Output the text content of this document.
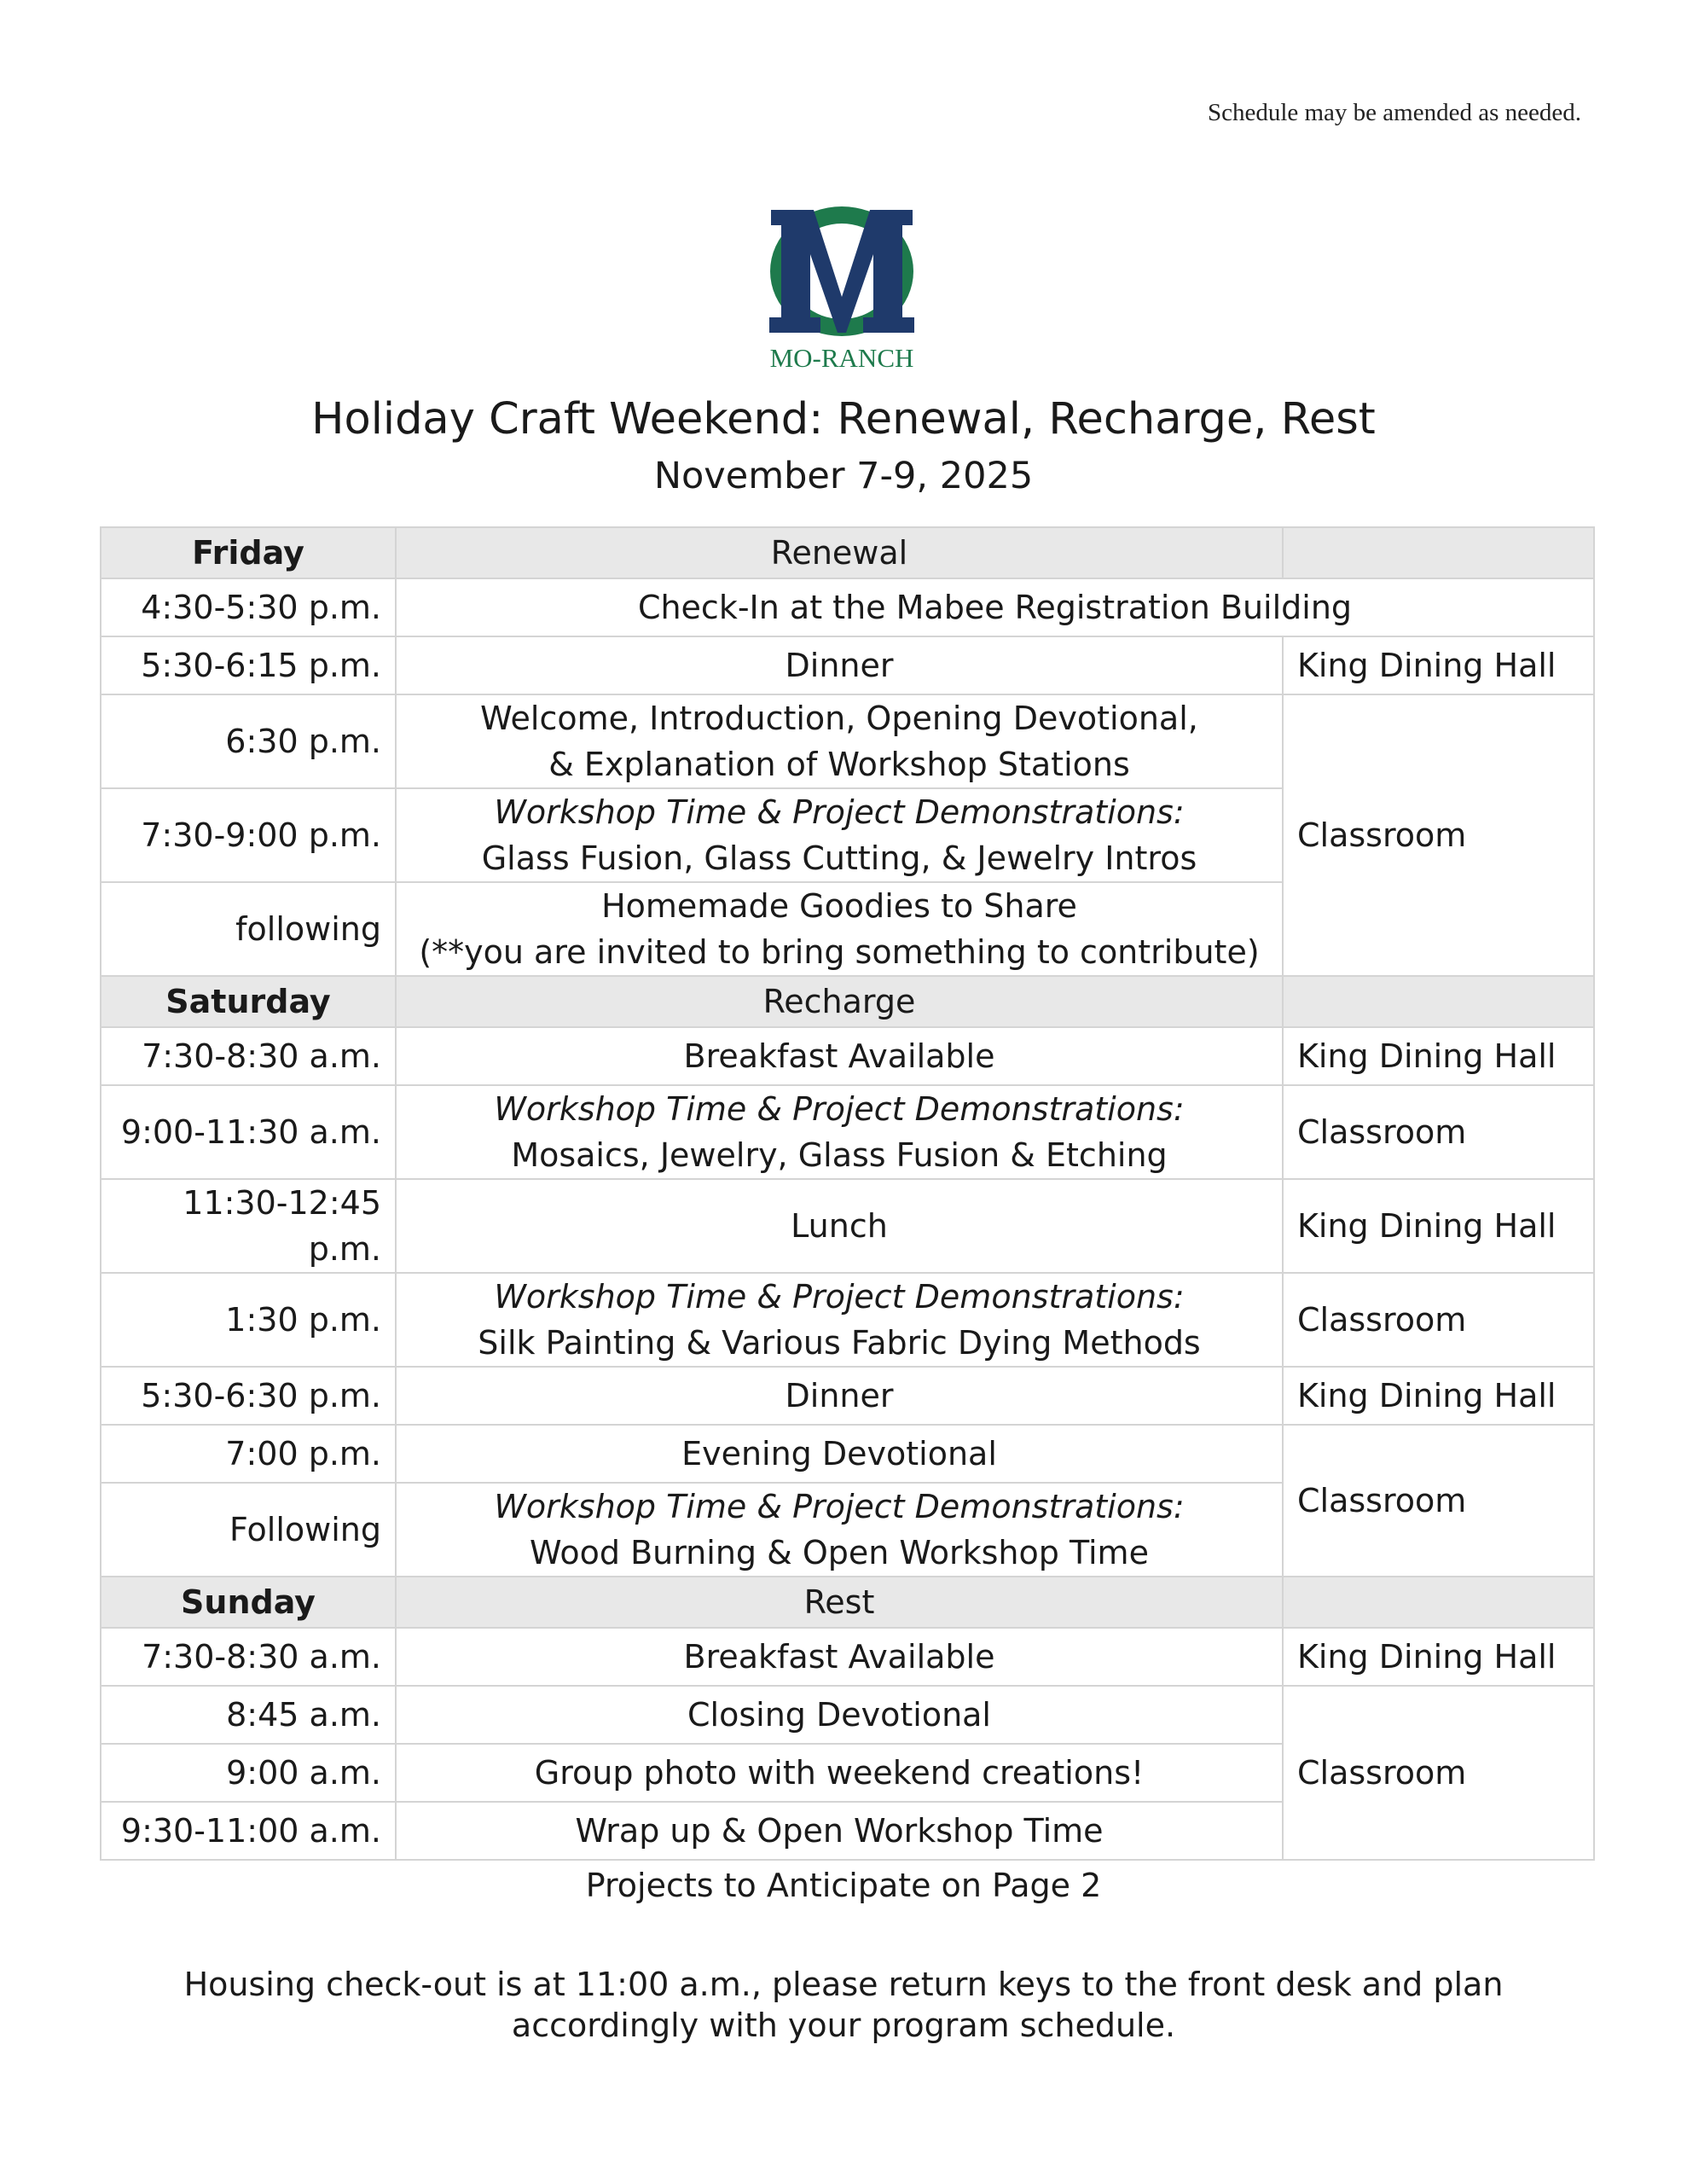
Schedule may be amended as needed.
MO-RANCH
Holiday Craft Weekend: Renewal, Recharge, Rest
November 7-9, 2025
Friday	Renewal	
4:30-5:30 p.m.	Check-In at the Mabee Registration Building	
5:30-6:15 p.m.	Dinner	King Dining Hall
6:30 p.m.	Welcome, Introduction, Opening Devotional,
& Explanation of Workshop Stations	Classroom
7:30-9:00 p.m.	Workshop Time & Project Demonstrations:
Glass Fusion, Glass Cutting, & Jewelry Intros	

following	Homemade Goodies to Share
(**you are invited to bring something to contribute)	

Saturday	Recharge	
7:30-8:30 a.m.	Breakfast Available	King Dining Hall
9:00-11:30 a.m.	Workshop Time & Project Demonstrations:
Mosaics, Jewelry, Glass Fusion & Etching	Classroom
11:30-12:45 p.m.	Lunch	King Dining Hall
1:30 p.m.	Workshop Time & Project Demonstrations:
Silk Painting & Various Fabric Dying Methods	Classroom
5:30-6:30 p.m.	Dinner	King Dining Hall
7:00 p.m.	Evening Devotional	Classroom
Following	Workshop Time & Project Demonstrations:
Wood Burning & Open Workshop Time	

Sunday	Rest	
7:30-8:30 a.m.	Breakfast Available	King Dining Hall
8:45 a.m.	Closing Devotional	Classroom
9:00 a.m.	Group photo with weekend creations!	
9:30-11:00 a.m.	Wrap up & Open Workshop Time	
Projects to Anticipate on Page 2
Housing check-out is at 11:00 a.m., please return keys to the front desk and plan accordingly with your program schedule.
